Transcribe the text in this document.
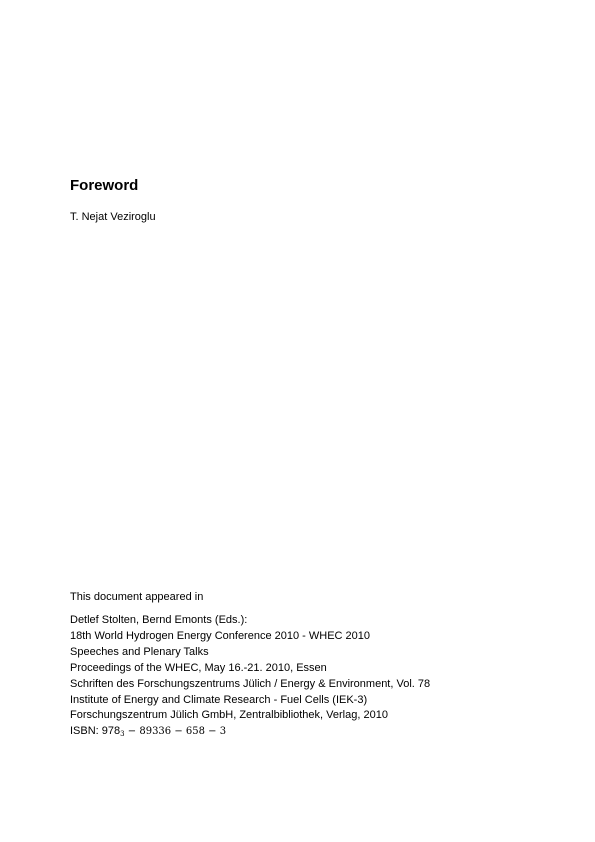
Foreword

T. Nejat Veziroglu

This document appeared in

Detlef Stolten, Bernd Emonts (Eds.):
18th World Hydrogen Energy Conference 2010 - WHEC 2010
Speeches and Plenary Talks
Proceedings of the WHEC, May 16.-21. 2010, Essen
Schriften des Forschungszentrums Jülich / Energy & Environment, Vol. 78
Institute of Energy and Climate Research - Fuel Cells (IEK-3)
Forschungszentrum Jülich GmbH, Zentralbibliothek, Verlag, 2010
ISBN: 9783 − 89336 − 658 − 3
